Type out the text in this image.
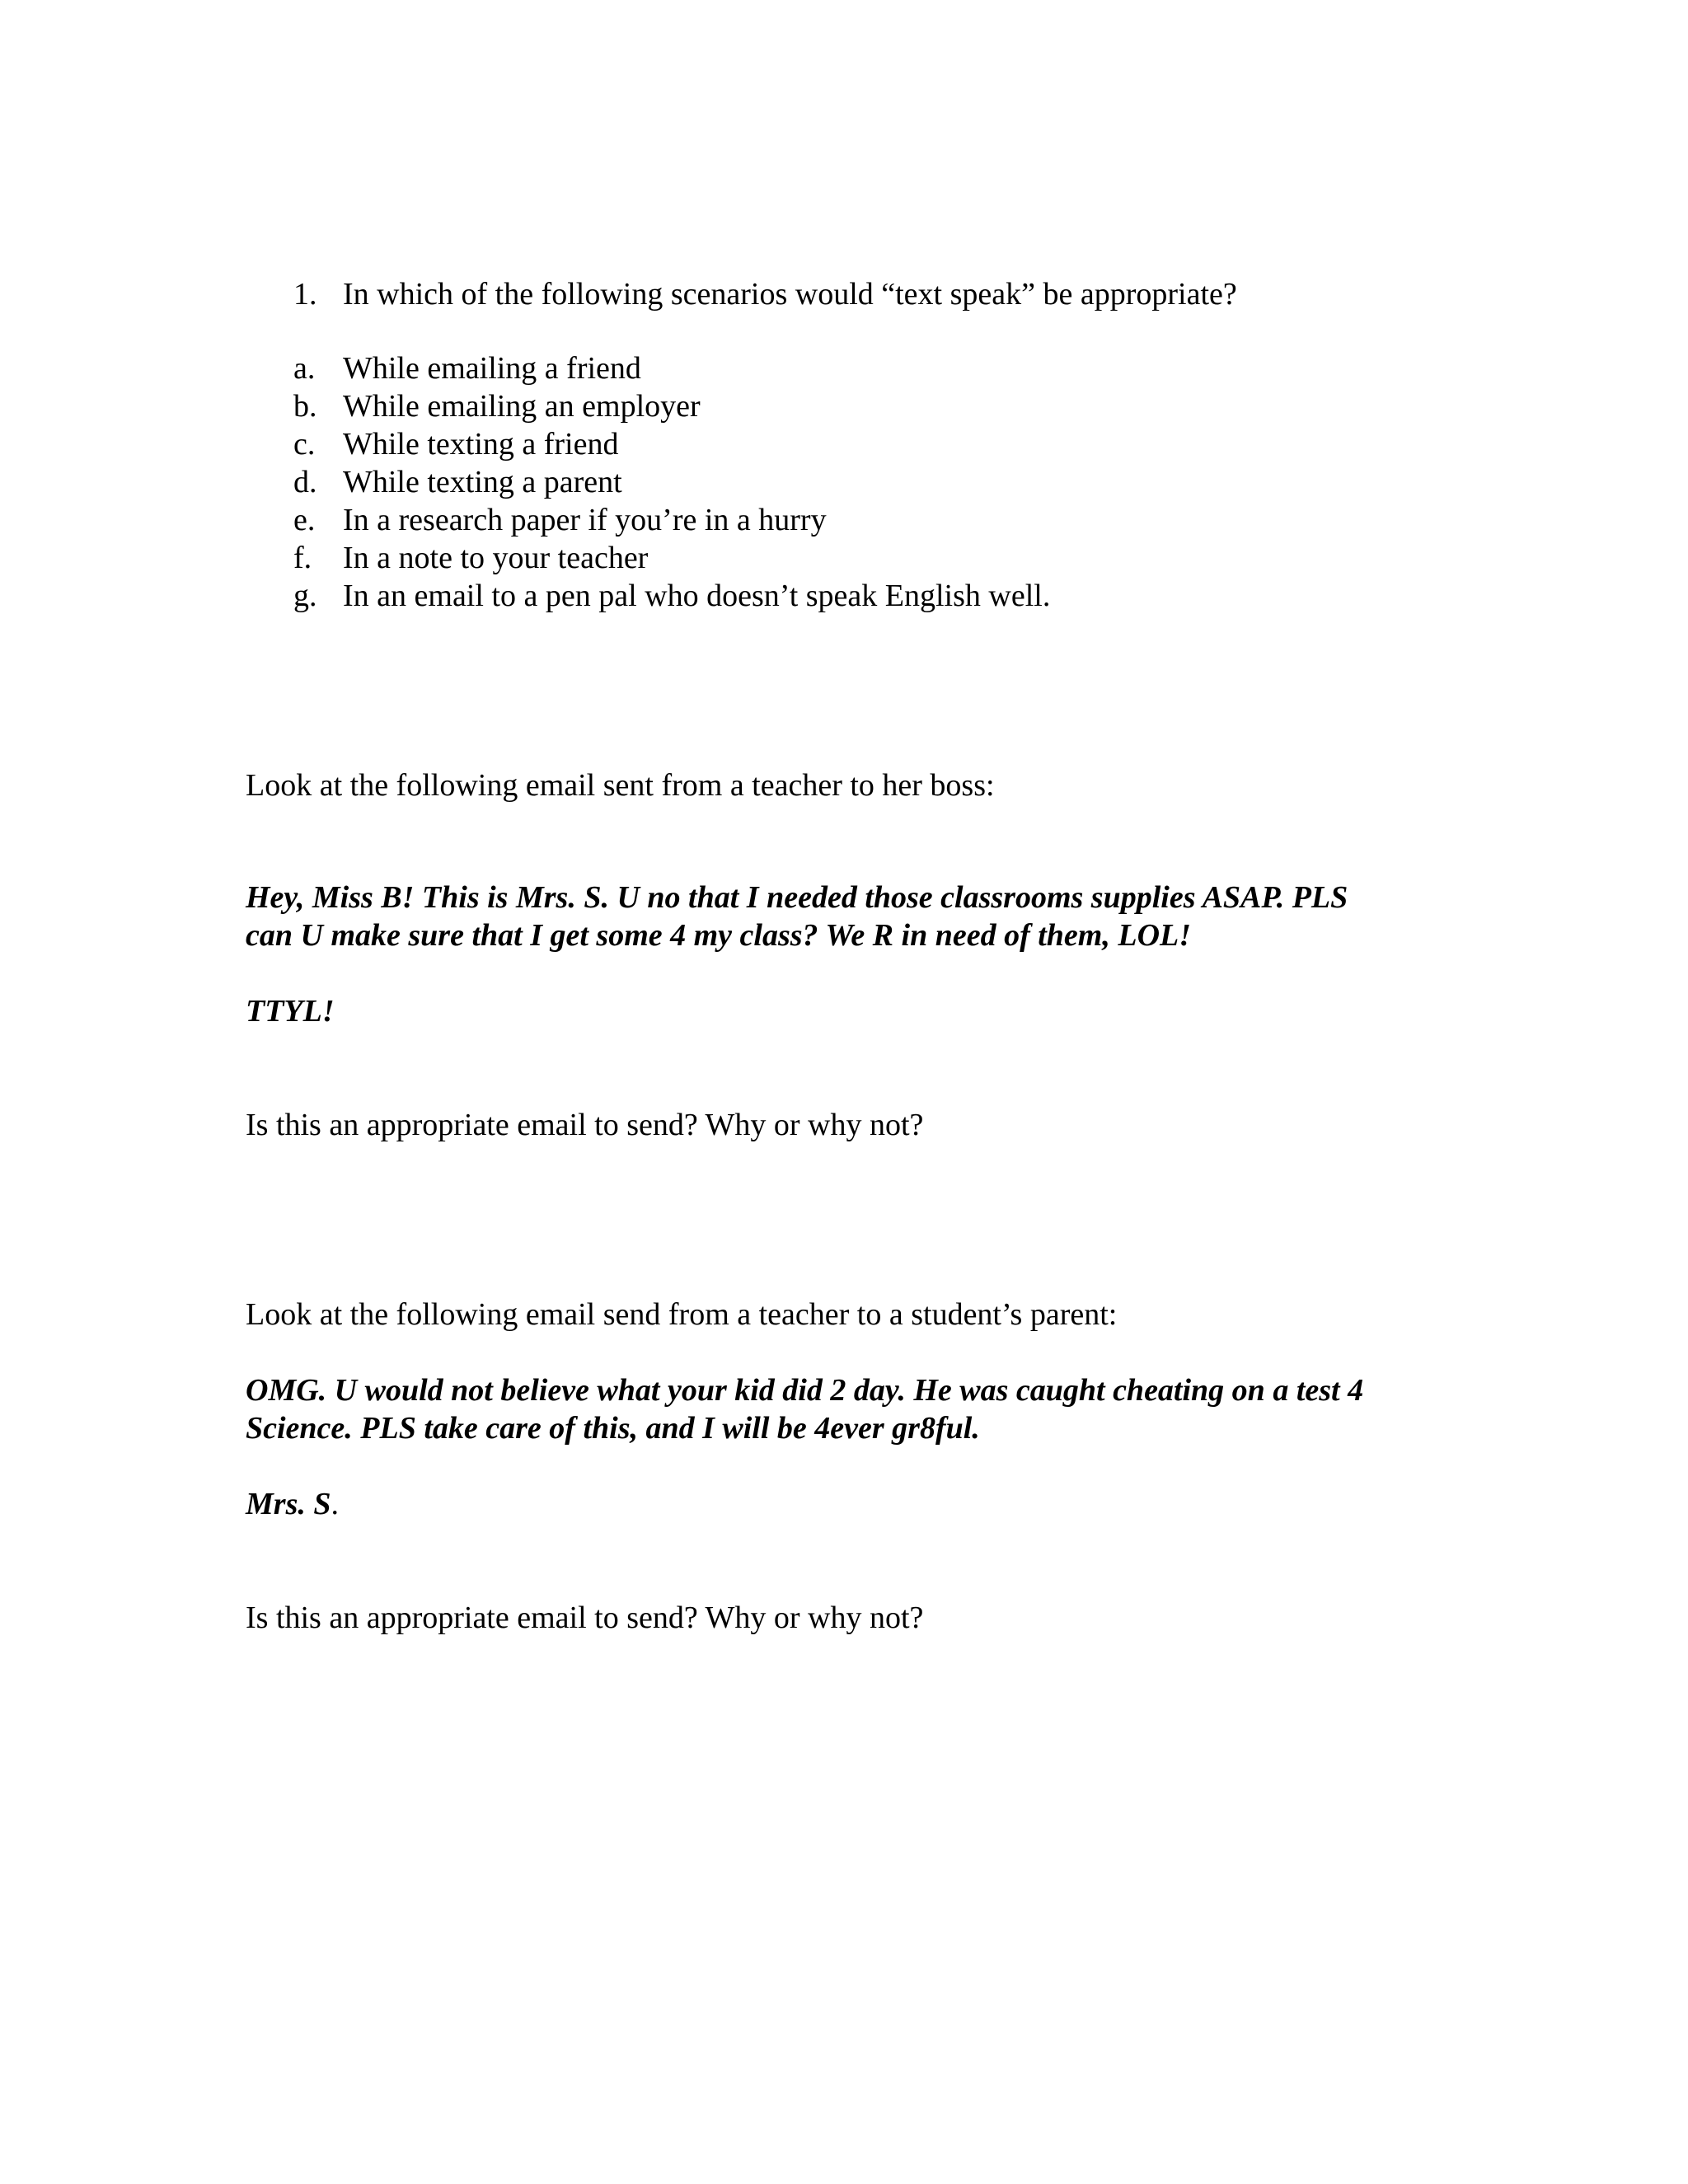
1. In which of the following scenarios would “text speak” be appropriate?
a. While emailing a friend
b. While emailing an employer
c. While texting a friend
d. While texting a parent
e. In a research paper if you’re in a hurry
f. In a note to your teacher
g. In an email to a pen pal who doesn’t speak English well.
Look at the following email sent from a teacher to her boss:
Hey, Miss B! This is Mrs. S. U no that I needed those classrooms supplies ASAP. PLS
can U make sure that I get some 4 my class? We R in need of them, LOL!
TTYL!
Is this an appropriate email to send? Why or why not?
Look at the following email send from a teacher to a student’s parent:
OMG. U would not believe what your kid did 2 day. He was caught cheating on a test 4
Science. PLS take care of this, and I will be 4ever gr8ful.
Mrs. S.
Is this an appropriate email to send? Why or why not?
